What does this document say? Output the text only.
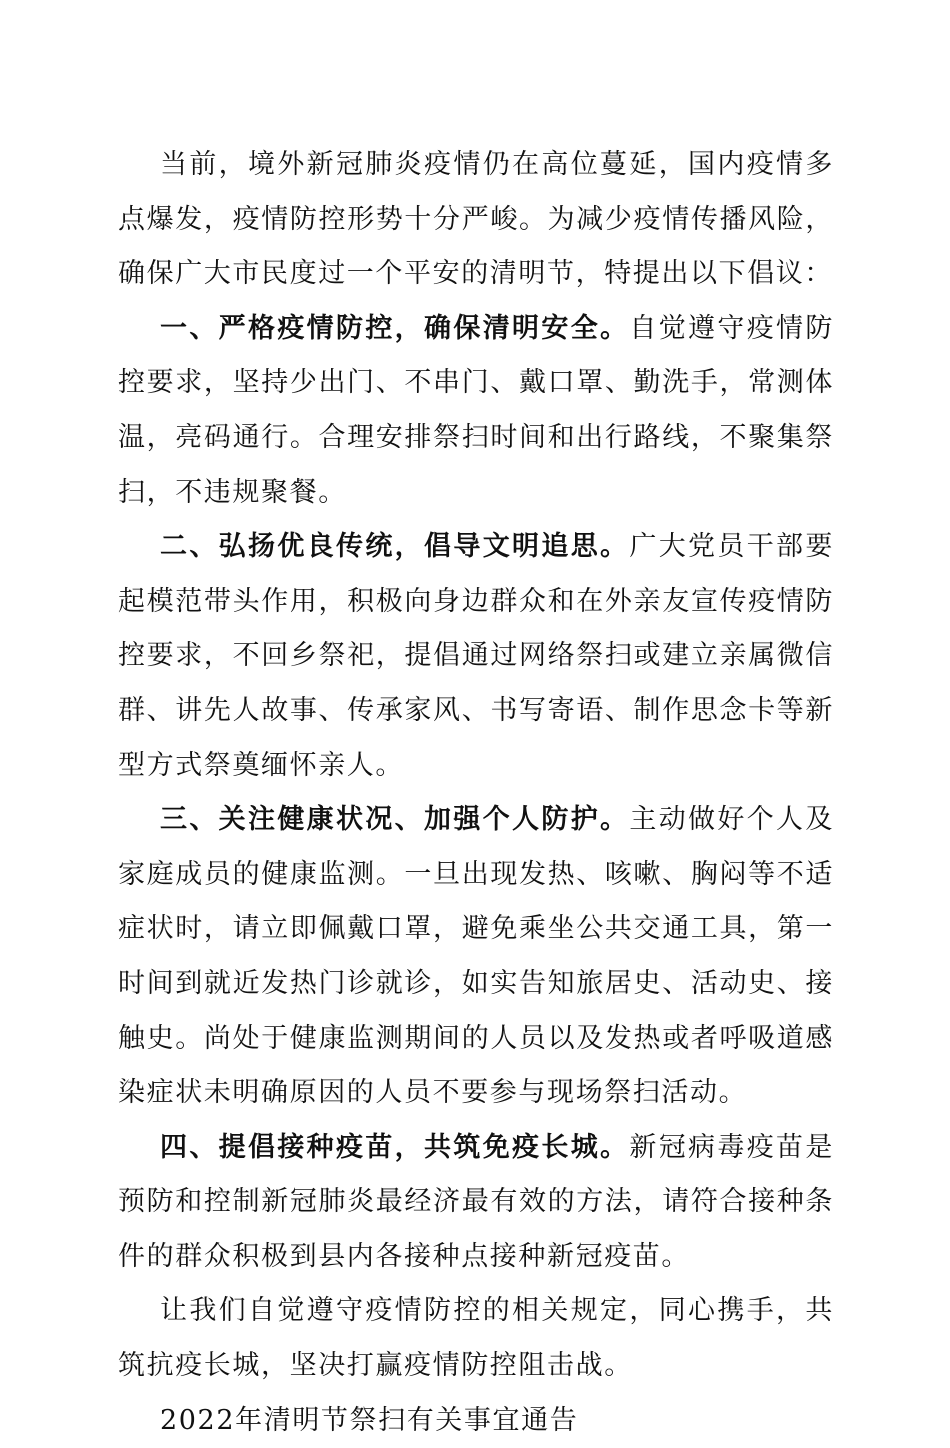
当前，境外新冠肺炎疫情仍在高位蔓延，国内疫情多点爆发，疫情防控形势十分严峻。为减少疫情传播风险，确保广大市民度过一个平安的清明节，特提出以下倡议：

一、严格疫情防控，确保清明安全。自觉遵守疫情防控要求，坚持少出门、不串门、戴口罩、勤洗手，常测体温，亮码通行。合理安排祭扫时间和出行路线，不聚集祭扫，不违规聚餐。

二、弘扬优良传统，倡导文明追思。广大党员干部要起模范带头作用，积极向身边群众和在外亲友宣传疫情防控要求，不回乡祭祀，提倡通过网络祭扫或建立亲属微信群、讲先人故事、传承家风、书写寄语、制作思念卡等新型方式祭奠缅怀亲人。

三、关注健康状况、加强个人防护。主动做好个人及家庭成员的健康监测。一旦出现发热、咳嗽、胸闷等不适症状时，请立即佩戴口罩，避免乘坐公共交通工具，第一时间到就近发热门诊就诊，如实告知旅居史、活动史、接触史。尚处于健康监测期间的人员以及发热或者呼吸道感染症状未明确原因的人员不要参与现场祭扫活动。

四、提倡接种疫苗，共筑免疫长城。新冠病毒疫苗是预防和控制新冠肺炎最经济最有效的方法，请符合接种条件的群众积极到县内各接种点接种新冠疫苗。

让我们自觉遵守疫情防控的相关规定，同心携手，共筑抗疫长城，坚决打赢疫情防控阻击战。

2022年清明节祭扫有关事宜通告
